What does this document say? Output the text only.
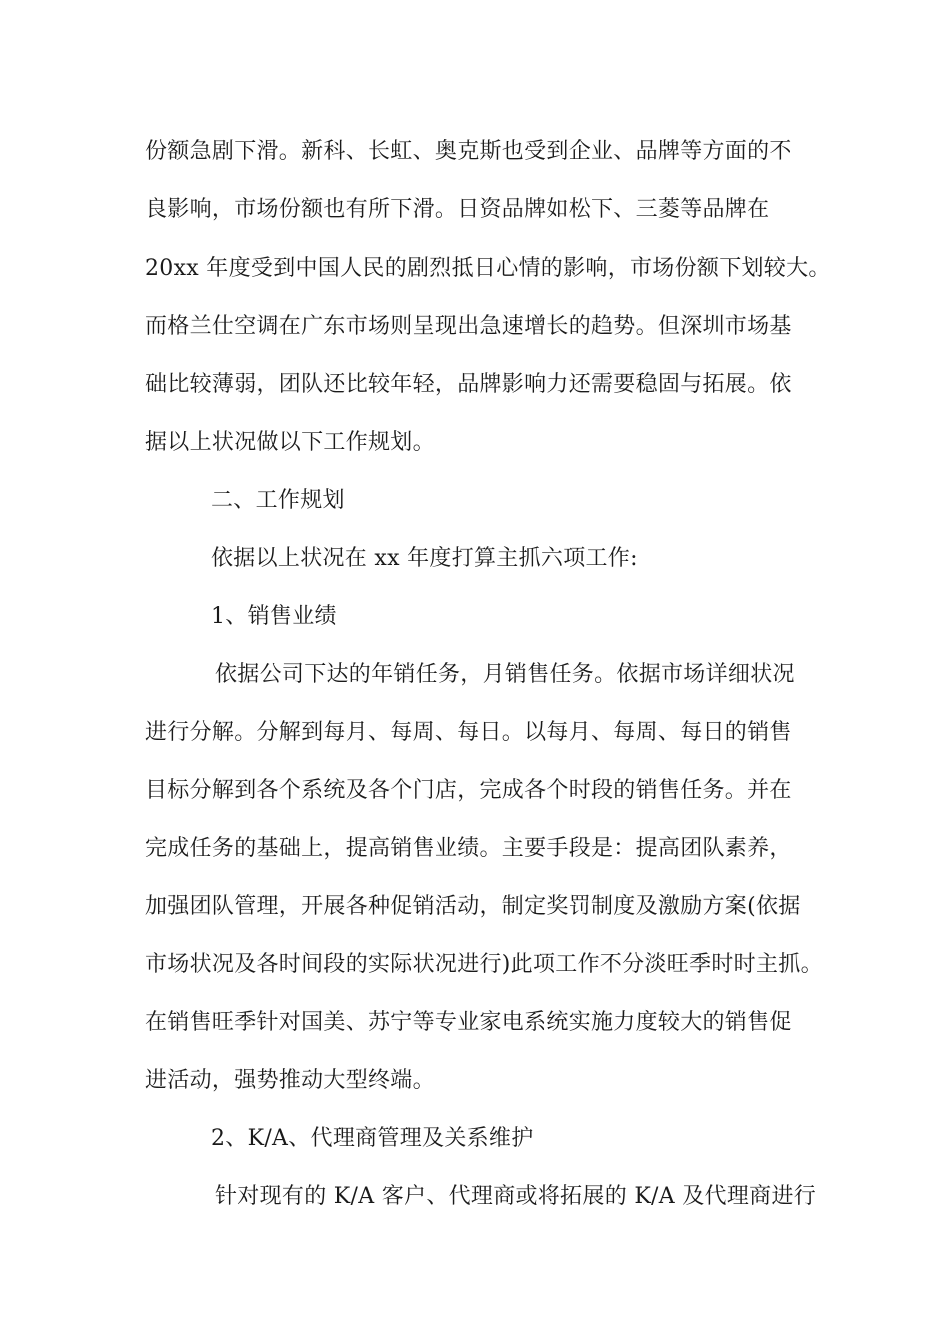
份额急剧下滑。新科、长虹、奥克斯也受到企业、品牌等方面的不
良影响，市场份额也有所下滑。日资品牌如松下、三菱等品牌在
20xx 年度受到中国人民的剧烈抵日心情的影响，市场份额下划较大。
而格兰仕空调在广东市场则呈现出急速增长的趋势。但深圳市场基
础比较薄弱，团队还比较年轻，品牌影响力还需要稳固与拓展。依
据以上状况做以下工作规划。
二、工作规划
依据以上状况在 xx 年度打算主抓六项工作:
1、销售业绩
依据公司下达的年销任务，月销售任务。依据市场详细状况
进行分解。分解到每月、每周、每日。以每月、每周、每日的销售
目标分解到各个系统及各个门店，完成各个时段的销售任务。并在
完成任务的基础上，提高销售业绩。主要手段是：提高团队素养，
加强团队管理，开展各种促销活动，制定奖罚制度及激励方案(依据
市场状况及各时间段的实际状况进行)此项工作不分淡旺季时时主抓。
在销售旺季针对国美、苏宁等专业家电系统实施力度较大的销售促
进活动，强势推动大型终端。
2、K/A、代理商管理及关系维护
针对现有的 K/A 客户、代理商或将拓展的 K/A 及代理商进行
